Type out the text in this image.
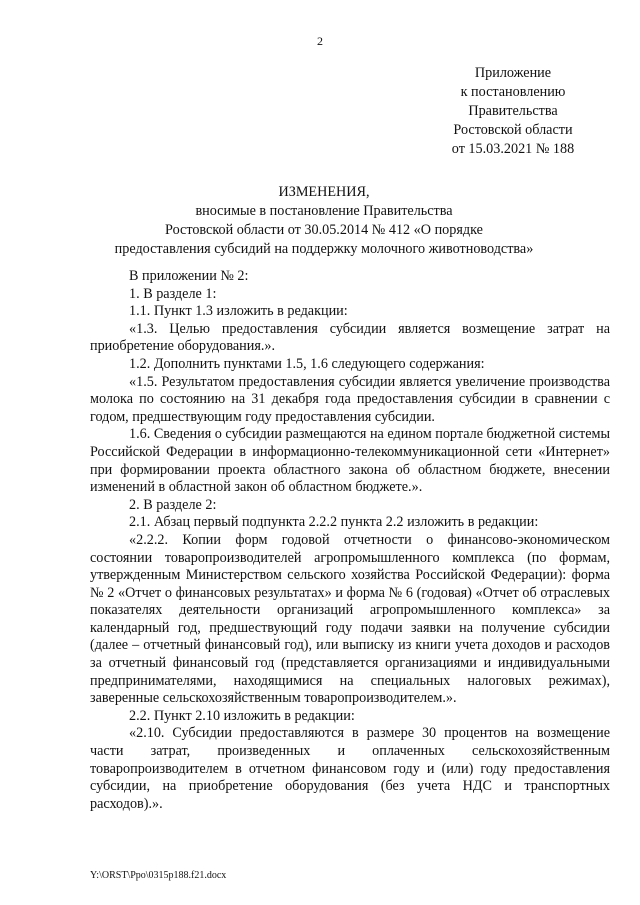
2
Приложение
к постановлению
Правительства
Ростовской области
от 15.03.2021 № 188
ИЗМЕНЕНИЯ,
вносимые в постановление Правительства
Ростовской области от 30.05.2014 № 412 «О порядке
предоставления субсидий на поддержку молочного животноводства»

В приложении № 2:

1. В разделе 1:

1.1. Пункт 1.3 изложить в редакции:

«1.3. Целью предоставления субсидии является возмещение затрат на приобретение оборудования.».

1.2. Дополнить пунктами 1.5, 1.6 следующего содержания:

«1.5. Результатом предоставления субсидии является увеличение производства молока по состоянию на 31 декабря года предоставления субсидии в сравнении с годом, предшествующим году предоставления субсидии.

1.6. Сведения о субсидии размещаются на едином портале бюджетной системы Российской Федерации в информационно-телекоммуникационной сети «Интернет» при формировании проекта областного закона об областном бюджете, внесении изменений в областной закон об областном бюджете.».

2. В разделе 2:

2.1. Абзац первый подпункта 2.2.2 пункта 2.2 изложить в редакции:

«2.2.2. Копии форм годовой отчетности о финансово-экономическом состоянии товаропроизводителей агропромышленного комплекса (по формам, утвержденным Министерством сельского хозяйства Российской Федерации): форма № 2 «Отчет о финансовых результатах» и форма № 6 (годовая) «Отчет об отраслевых показателях деятельности организаций агропромышленного комплекса» за календарный год, предшествующий году подачи заявки на получение субсидии (далее – отчетный финансовый год), или выписку из книги учета доходов и расходов за отчетный финансовый год (представляется организациями и индивидуальными предпринимателями, находящимися на специальных налоговых режимах), заверенные сельскохозяйственным товаропроизводителем.».

2.2. Пункт 2.10 изложить в редакции:

«2.10. Субсидии предоставляются в размере 30 процентов на возмещение части затрат, произведенных и оплаченных сельскохозяйственным товаропроизводителем в отчетном финансовом году и (или) году предоставления субсидии, на приобретение оборудования (без учета НДС и транспортных расходов).».

Y:\ORST\Ppo\0315p188.f21.docx
